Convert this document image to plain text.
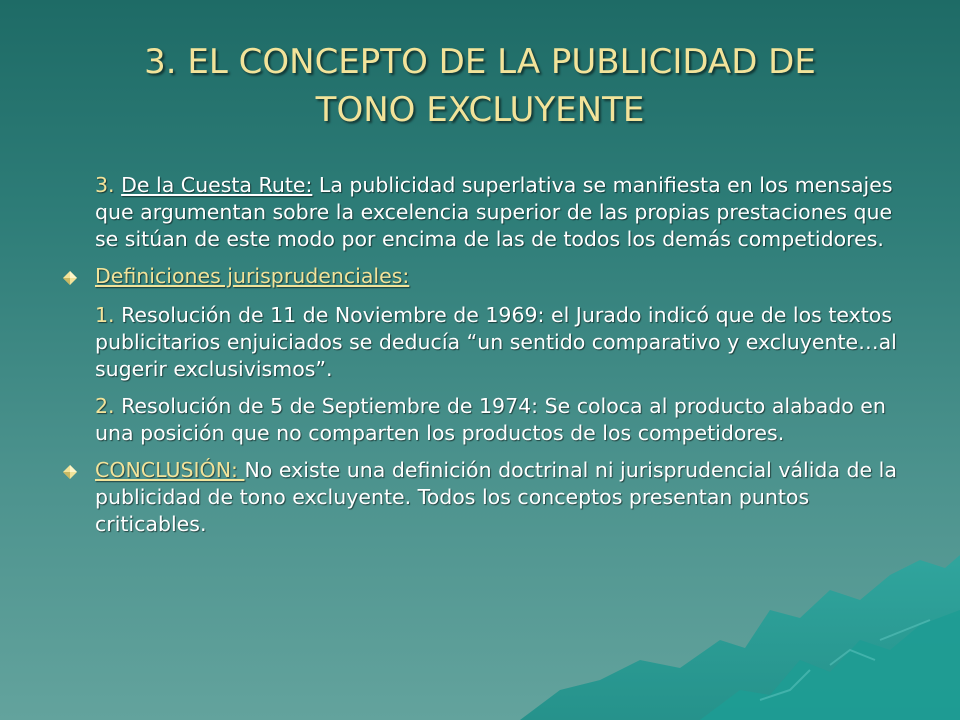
3. EL CONCEPTO DE LA PUBLICIDAD DE
TONO EXCLUYENTE
3. De la Cuesta Rute: La publicidad superlativa se manifiesta en los mensajes que argumentan sobre la excelencia superior de las propias prestaciones que se sitúan de este modo por encima de las de todos los demás competidores.
Definiciones jurisprudenciales:
1. Resolución de 11 de Noviembre de 1969: el Jurado indicó que de los textos publicitarios enjuiciados se deducía “un sentido comparativo y excluyente…al sugerir exclusivismos”.
2. Resolución de 5 de Septiembre de 1974: Se coloca al producto alabado en una posición que no comparten los productos de los competidores.
CONCLUSIÓN: No existe una definición doctrinal ni jurisprudencial válida de la publicidad de tono excluyente. Todos los conceptos presentan puntos criticables.
